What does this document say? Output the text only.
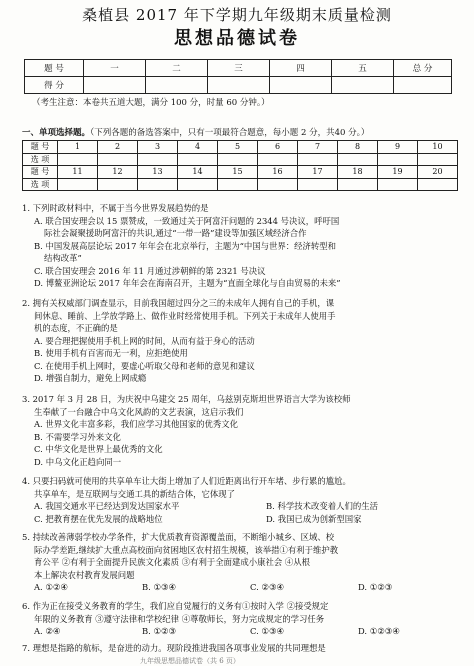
桑植县 2017 年下学期九年级期末质量检测
思想品德试卷
题 号	一	二	三	四	五	总 分
得 分						
（考生注意：本卷共五道大题，满分 100 分，时量 60 分钟。）
一、单项选择题。（下列各题的备选答案中，只有一项最符合题意，每小题 2 分，共40 分。）
题 号	1	2	3	4	5	6	7	8	9	10
选 项										
题 号	11	12	13	14	15	16	17	18	19	20
选 项										

1. 下列时政材料中，不属于当今世界发展趋势的是

A. 联合国安理会以 15 票赞成，一致通过关于阿富汗问题的 2344 号决议，呼吁国

际社会凝聚援助阿富汗的共识,通过“一带一路”建设等加强区域经济合作

B. 中国发展高层论坛 2017 年年会在北京举行，主题为“中国与世界：经济转型和

结构改革”

C. 联合国安理会 2016 年 11 月通过涉朝鲜的第 2321 号决议

D. 博鳌亚洲论坛 2017 年年会在海南召开，主题为“直面全球化与自由贸易的未来”

2. 拥有关权威部门调查显示，目前我国超过四分之三的未成年人拥有自己的手机，课

间休息、睡前、上学放学路上、做作业时经常使用手机。下列关于未成年人使用手

机的态度，不正确的是

A. 要合理把握使用手机上网的时间，从而有益于身心的活动

B. 使用手机有百害而无一利，应拒绝使用

C. 在使用手机上网时，要虚心听取父母和老师的意见和建议

D. 增强自制力，避免上网成瘾

3. 2017 年 3 月 28 日，为庆祝中乌建交 25 周年，乌兹别克斯坦世界语言大学为该校师

生奉献了一台融合中乌文化风韵的文艺表演，这启示我们

A. 世界文化丰富多彩，我们应学习其他国家的优秀文化

B. 不需要学习外来文化

C. 中华文化是世界上最优秀的文化

D. 中乌文化正趋向同一

4. 只要扫码就可使用的共享单车让大街上增加了人们近距离出行开车堵、步行累的尴尬。

共享单车，是互联网与交通工具的新结合体，它体现了

A. 我国交通水平已经达到发达国家水平	B. 科学技术改变着人们的生活

C. 把教育摆在优先发展的战略地位	D. 我国已成为创新型国家

5. 持续改善薄弱学校办学条件，扩大优质教育资源覆盖面，不断缩小城乡、区域、校

际办学差距,继续扩大重点高校面向贫困地区农村招生规模，该举措①有利于维护教

育公平 ②有利于全面提升民族文化素质 ③有利于全面建成小康社会 ④从根

本上解决农村教育发展问题

A. ①②④	B. ①③④	C. ②③④	D. ①②③

6. 作为正在接受义务教育的学生，我们应自觉履行的义务有①按时入学 ②接受规定

年限的义务教育 ③遵守法律和学校纪律 ④尊敬师长，努力完成规定的学习任务

A. ②④	B. ①②③	C. ①③④	D. ①②③④

7. 理想是指路的航标，是奋进的动力。现阶段推进我国各项事业发展的共同理想是

九年级思想品德试卷（共 6 页）
